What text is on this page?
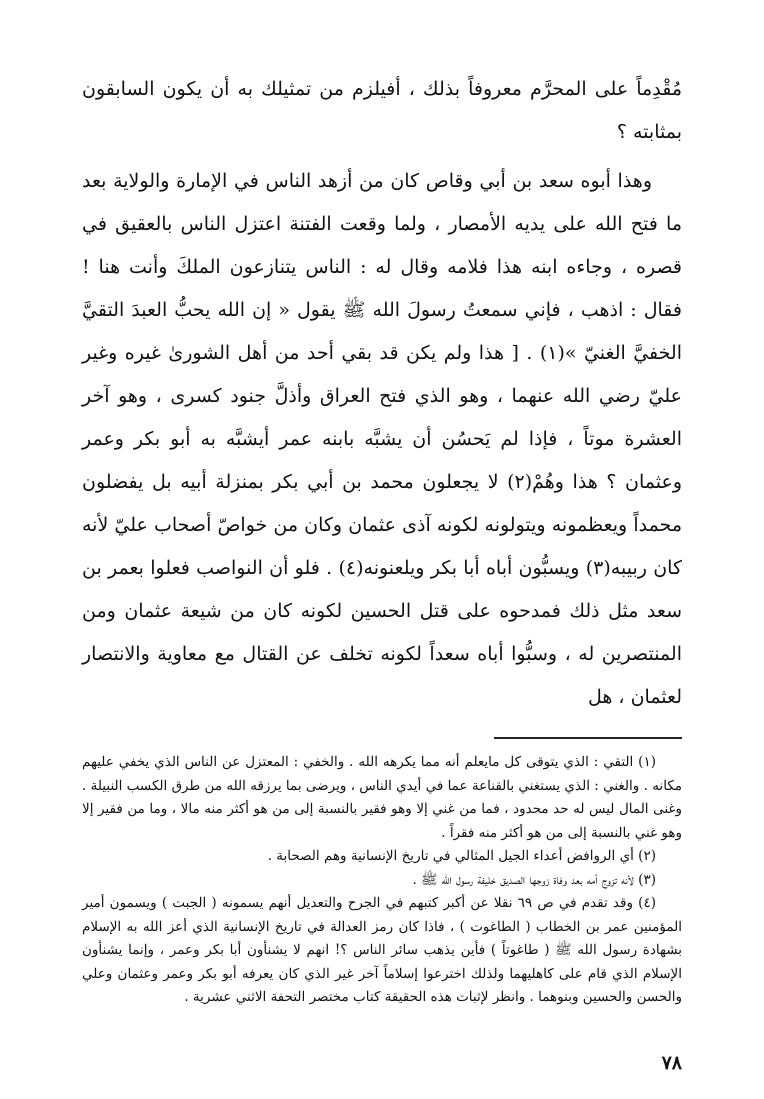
مُقْدِماً على المحرَّم معروفاً بذلك ، أفيلزم من تمثيلك به أن يكون السابقون بمثابته ؟

وهذا أبوه سعد بن أبي وقاص كان من أزهد الناس في الإمارة والولاية بعد ما فتح الله على يديه الأمصار ، ولما وقعت الفتنة اعتزل الناس بالعقيق في قصره ، وجاءه ابنه هذا فلامه وقال له : الناس يتنازعون الملكَ وأنت هنا ! فقال : اذهب ، فإني سمعتُ رسولَ الله ﷺ يقول « إن الله يحبُّ العبدَ التقيَّ الخفيَّ الغنيّ »(١) . [ هذا ولم يكن قد بقي أحد من أهل الشورىٰ غيره وغير عليّ رضي الله عنهما ، وهو الذي فتح العراق وأذلَّ جنود كسرى ، وهو آخر العشرة موتاً ، فإذا لم يَحسُن أن يشبَّه بابنه عمر أيشبَّه به أبو بكر وعمر وعثمان ؟ هذا وهُمْ(٢) لا يجعلون محمد بن أبي بكر بمنزلة أبيه بل يفضلون محمداً ويعظمونه ويتولونه لكونه آذى عثمان وكان من خواصّ أصحاب عليّ لأنه كان ربيبه(٣) ويسبُّون أباه أبا بكر ويلعنونه(٤) . فلو أن النواصب فعلوا بعمر بن سعد مثل ذلك فمدحوه على قتل الحسين لكونه كان من شيعة عثمان ومن المنتصرين له ، وسبُّوا أباه سعداً لكونه تخلف عن القتال مع معاوية والانتصار لعثمان ، هل

(١) التقي : الذي يتوقى كل مايعلم أنه مما يكرهه الله . والخفي : المعتزل عن الناس الذي يخفي عليهم مكانه . والغني : الذي يستغني بالقناعة عما في أيدي الناس ، ويرضى بما يرزقه الله من طرق الكسب النبيلة . وغنى المال ليس له حد محدود ، فما من غني إلا وهو فقير بالنسبة إلى من هو أكثر منه مالا ، وما من فقير إلا وهو غني بالنسبة إلى من هو أكثر منه فقراً .

(٢) أي الروافض أعداء الجيل المثالي في تاريخ الإنسانية وهم الصحابة .

(٣) لأنه تزوج أمه بعد وفاة زوجها الصديق خليفة رسول الله ﷺ .

(٤) وقد تقدم في ص ٦٩ نقلا عن أكبر كتبهم في الجرح والتعديل أنهم يسمونه ( الجبت ) ويسمون أمير المؤمنين عمر بن الخطاب ( الطاغوت ) ، فاذا كان رمز العدالة في تاريخ الإنسانية الذي أعز الله به الإسلام بشهادة رسول الله ﷺ ( طاغوتاً ) فأين يذهب سائر الناس ؟! انهم لا يشنأون أبا بكر وعمر ، وإنما يشنأون الإسلام الذي قام على كاهليهما ولذلك اخترعوا إسلاماً آخر غير الذي كان يعرفه أبو بكر وعمر وعثمان وعلي والحسن والحسين وبنوهما . وانظر لإثبات هذه الحقيقة كتاب مختصر التحفة الاثني عشرية .

٧٨
